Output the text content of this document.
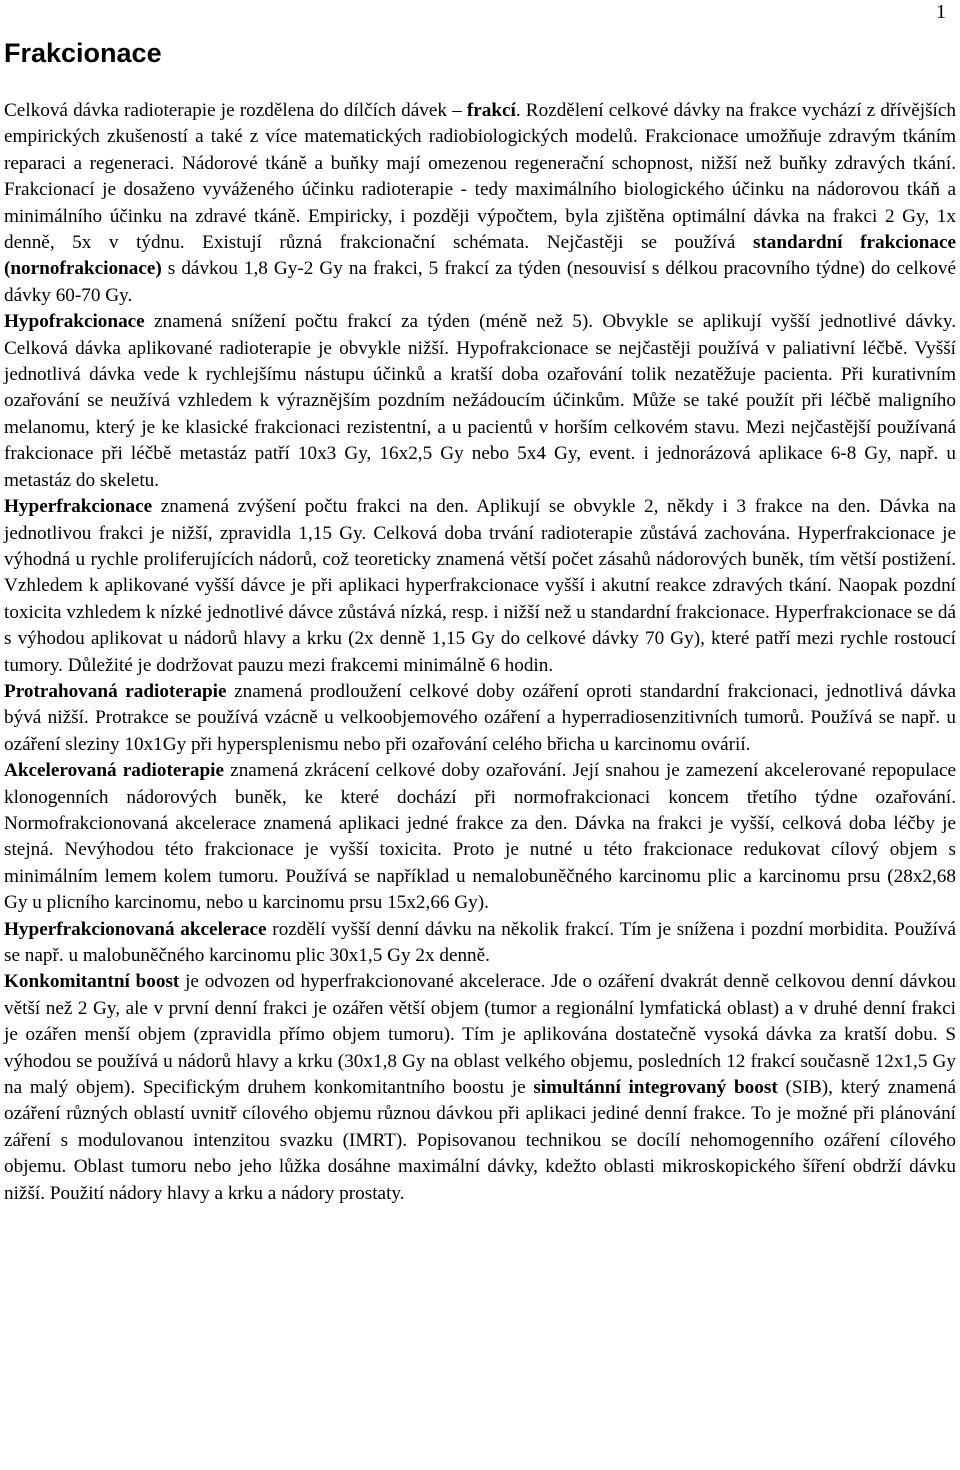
1
Frakcionace

Celková dávka radioterapie je rozdělena do dílčích dávek – frakcí. Rozdělení celkové dávky na frakce vychází z dřívějších empirických zkušeností a také z více matematických radiobiologických modelů. Frakcionace umožňuje zdravým tkáním reparaci a regeneraci. Nádorové tkáně a buňky mají omezenou regenerační schopnost, nižší než buňky zdravých tkání. Frakcionací je dosaženo vyváženého účinku radioterapie - tedy maximálního biologického účinku na nádorovou tkáň a minimálního účinku na zdravé tkáně. Empiricky, i později výpočtem, byla zjištěna optimální dávka na frakci 2 Gy, 1x denně, 5x v týdnu. Existují různá frakcionační schémata. Nejčastěji se používá standardní frakcionace (nornofrakcionace) s dávkou 1,8 Gy-2 Gy na frakci, 5 frakcí za týden (nesouvisí s délkou pracovního týdne) do celkové dávky 60-70 Gy.

Hypofrakcionace znamená snížení počtu frakcí za týden (méně než 5). Obvykle se aplikují vyšší jednotlivé dávky. Celková dávka aplikované radioterapie je obvykle nižší. Hypofrakcionace se nejčastěji používá v paliativní léčbě. Vyšší jednotlivá dávka vede k rychlejšímu nástupu účinků a kratší doba ozařování tolik nezatěžuje pacienta. Při kurativním ozařování se neužívá vzhledem k výraznějším pozdním nežádoucím účinkům. Může se také použít při léčbě maligního melanomu, který je ke klasické frakcionaci rezistentní, a u pacientů v horším celkovém stavu. Mezi nejčastější používaná frakcionace při léčbě metastáz patří 10x3 Gy, 16x2,5 Gy nebo 5x4 Gy, event. i jednorázová aplikace 6-8 Gy, např. u metastáz do skeletu.

Hyperfrakcionace znamená zvýšení počtu frakci na den. Aplikují se obvykle 2, někdy i 3 frakce na den. Dávka na jednotlivou frakci je nižší, zpravidla 1,15 Gy. Celková doba trvání radioterapie zůstává zachována. Hyperfrakcionace je výhodná u rychle proliferujících nádorů, což teoreticky znamená větší počet zásahů nádorových buněk, tím větší postižení. Vzhledem k aplikované vyšší dávce je při aplikaci hyperfrakcionace vyšší i akutní reakce zdravých tkání. Naopak pozdní toxicita vzhledem k nízké jednotlivé dávce zůstává nízká, resp. i nižší než u standardní frakcionace. Hyperfrakcionace se dá s výhodou aplikovat u nádorů hlavy a krku (2x denně 1,15 Gy do celkové dávky 70 Gy), které patří mezi rychle rostoucí tumory. Důležité je dodržovat pauzu mezi frakcemi minimálně 6 hodin.

Protrahovaná radioterapie znamená prodloužení celkové doby ozáření oproti standardní frakcionaci, jednotlivá dávka bývá nižší. Protrakce se používá vzácně u velkoobjemového ozáření a hyperradiosenzitivních tumorů. Používá se např. u ozáření sleziny 10x1Gy při hypersplenismu nebo při ozařování celého břicha u karcinomu ovárií.

Akcelerovaná radioterapie znamená zkrácení celkové doby ozařování. Její snahou je zamezení akcelerované repopulace klonogenních nádorových buněk, ke které dochází při normofrakcionaci koncem třetího týdne ozařování. Normofrakcionovaná akcelerace znamená aplikaci jedné frakce za den. Dávka na frakci je vyšší, celková doba léčby je stejná. Nevýhodou této frakcionace je vyšší toxicita. Proto je nutné u této frakcionace redukovat cílový objem s minimálním lemem kolem tumoru. Používá se například u nemalobuněčného karcinomu plic a karcinomu prsu (28x2,68 Gy u plicního karcinomu, nebo u karcinomu prsu 15x2,66 Gy).

Hyperfrakcionovaná akcelerace rozdělí vyšší denní dávku na několik frakcí. Tím je snížena i pozdní morbidita. Používá se např. u malobuněčného karcinomu plic 30x1,5 Gy 2x denně.

Konkomitantní boost je odvozen od hyperfrakcionované akcelerace. Jde o ozáření dvakrát denně celkovou denní dávkou větší než 2 Gy, ale v první denní frakci je ozářen větší objem (tumor a regionální lymfatická oblast) a v druhé denní frakci je ozářen menší objem (zpravidla přímo objem tumoru). Tím je aplikována dostatečně vysoká dávka za kratší dobu. S výhodou se používá u nádorů hlavy a krku (30x1,8 Gy na oblast velkého objemu, posledních 12 frakcí současně 12x1,5 Gy na malý objem). Specifickým druhem konkomitantního boostu je simultánní integrovaný boost (SIB), který znamená ozáření různých oblastí uvnitř cílového objemu různou dávkou při aplikaci jediné denní frakce. To je možné při plánování záření s modulovanou intenzitou svazku (IMRT). Popisovanou technikou se docílí nehomogenního ozáření cílového objemu. Oblast tumoru nebo jeho lůžka dosáhne maximální dávky, kdežto oblasti mikroskopického šíření obdrží dávku nižší. Použití nádory hlavy a krku a nádory prostaty.
